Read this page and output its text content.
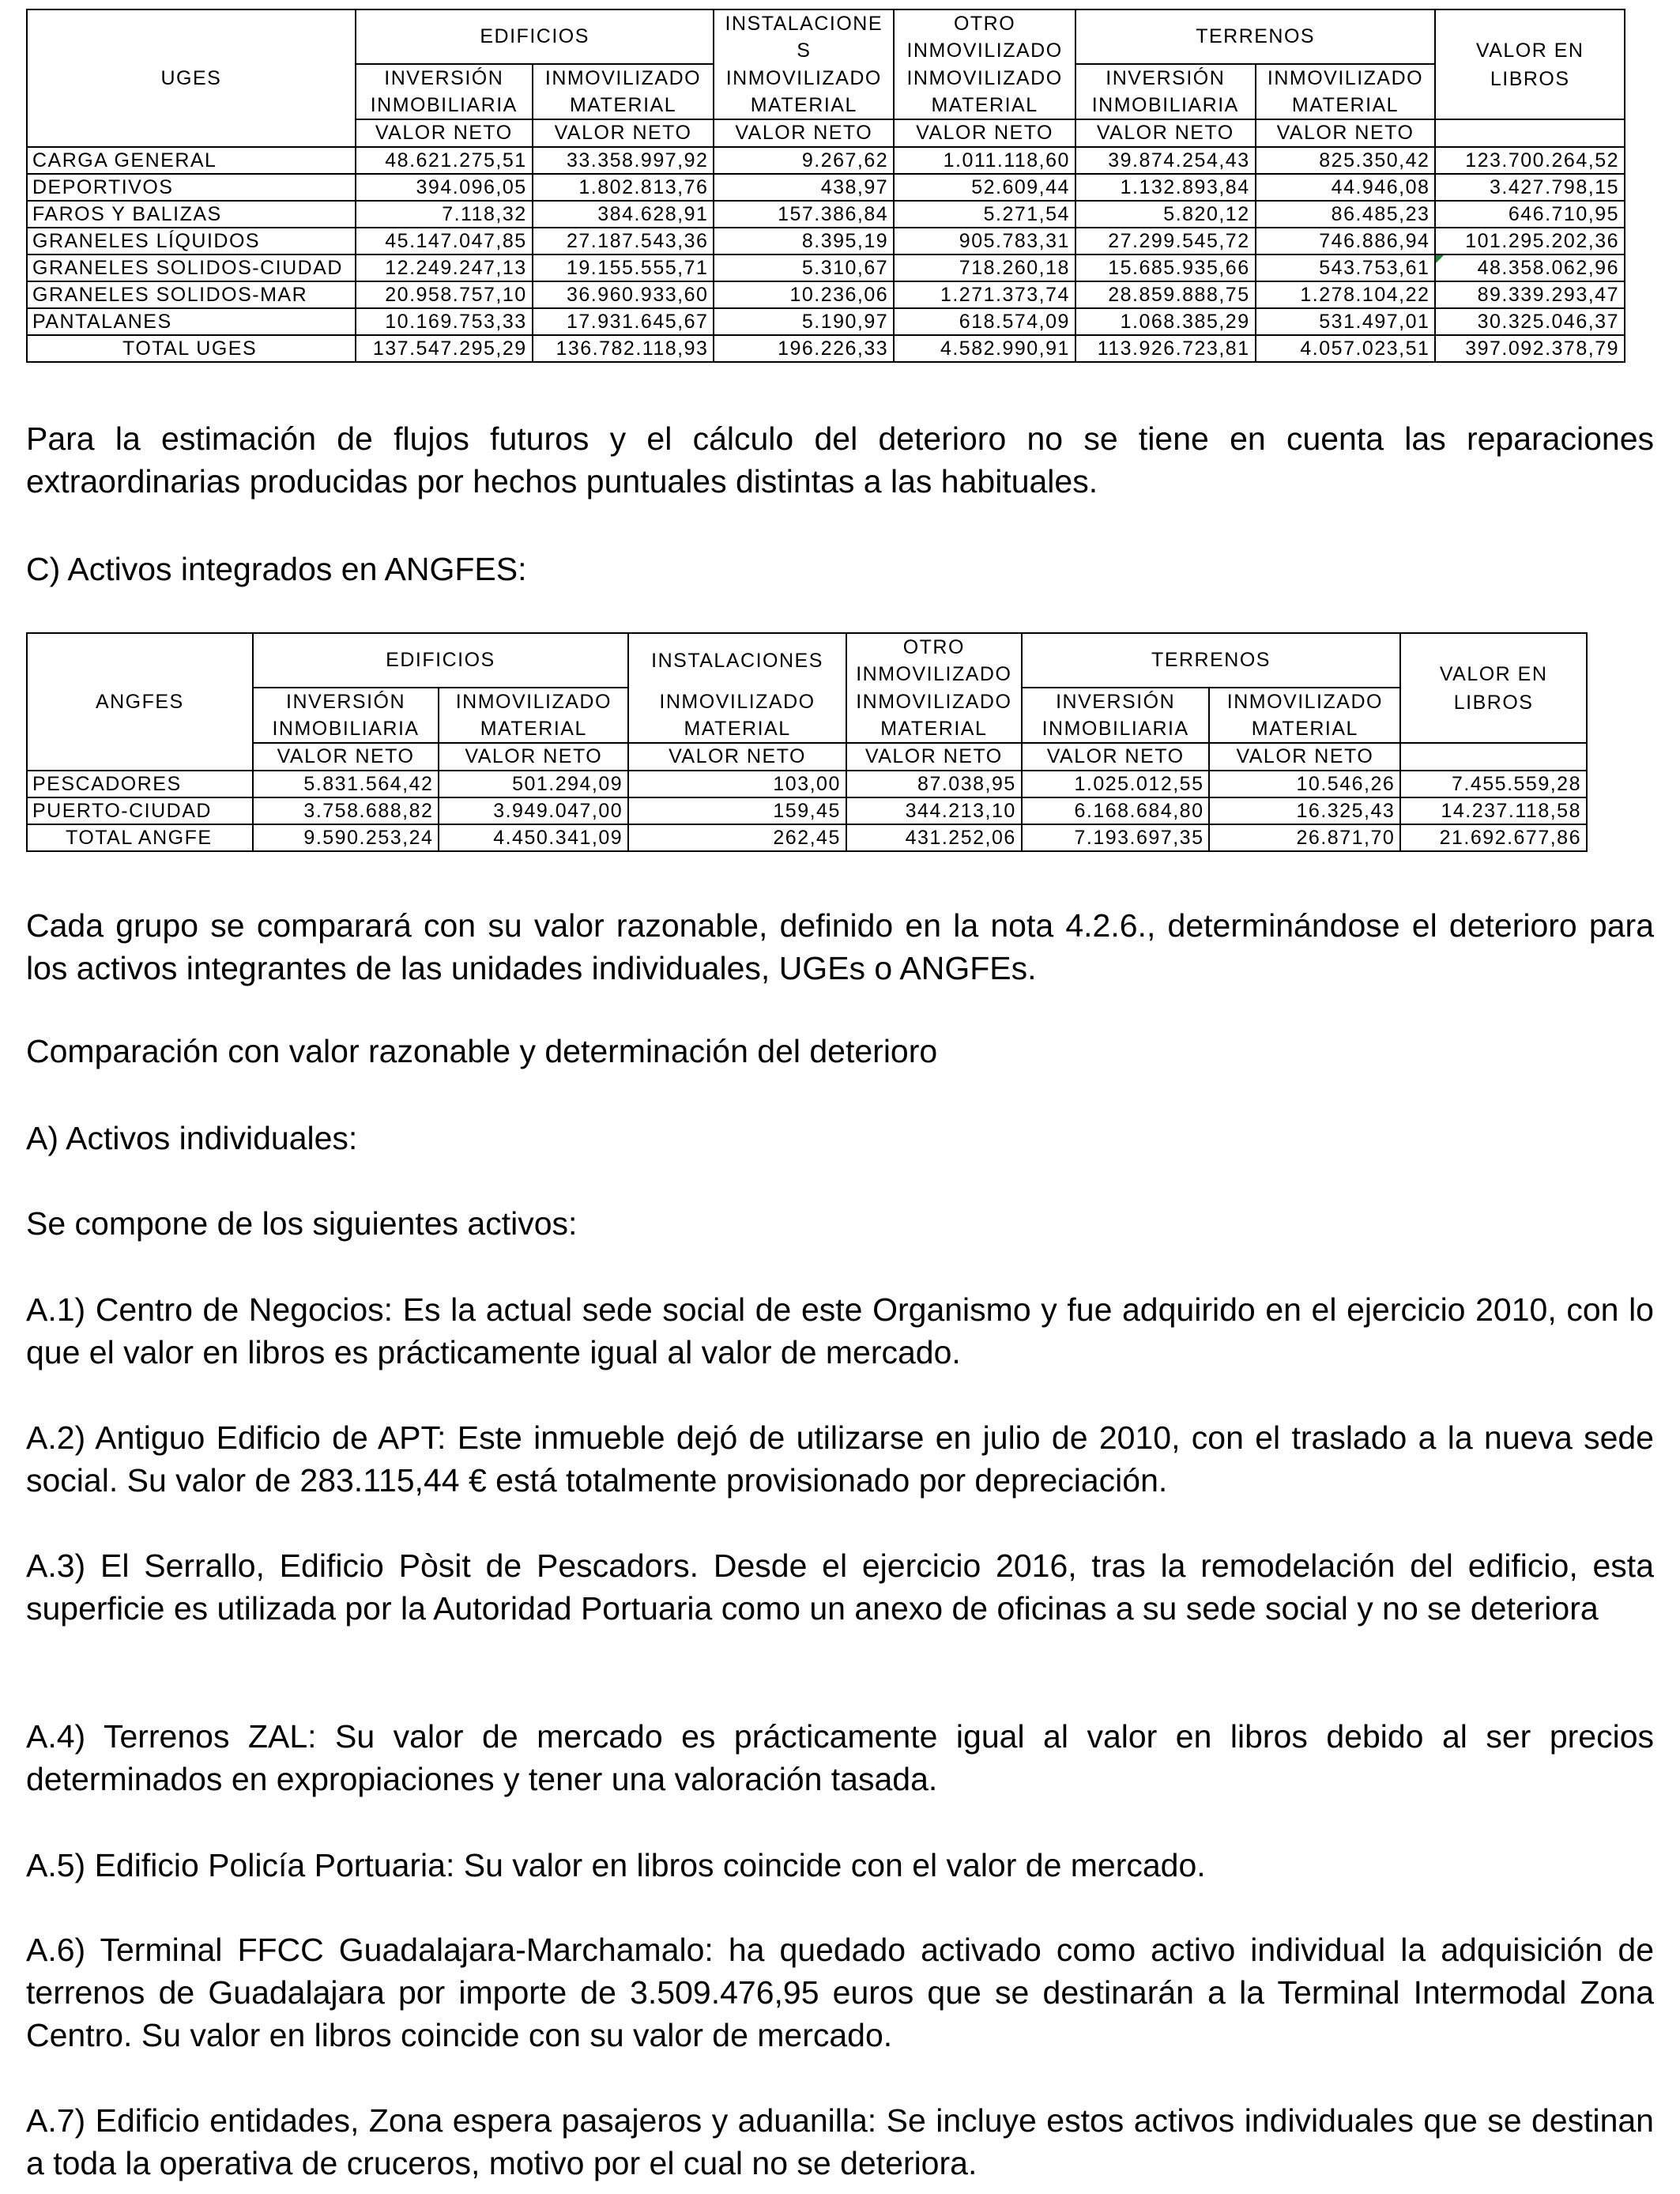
UGES	EDIFICIOS		INSTALACIONE S	OTRO INMOVILIZADO	TERRENOS		VALOR EN LIBROS
	INVERSIÓN INMOBILIARIA	INMOVILIZADO MATERIAL	INMOVILIZADO MATERIAL	INMOVILIZADO MATERIAL	INVERSIÓN INMOBILIARIA	INMOVILIZADO MATERIAL	
	VALOR NETO	VALOR NETO	VALOR NETO	VALOR NETO	VALOR NETO	VALOR NETO	
CARGA GENERAL	48.621.275,51	33.358.997,92	9.267,62	1.011.118,60	39.874.254,43	825.350,42	123.700.264,52
DEPORTIVOS	394.096,05	1.802.813,76	438,97	52.609,44	1.132.893,84	44.946,08	3.427.798,15
FAROS Y BALIZAS	7.118,32	384.628,91	157.386,84	5.271,54	5.820,12	86.485,23	646.710,95
GRANELES LÍQUIDOS	45.147.047,85	27.187.543,36	8.395,19	905.783,31	27.299.545,72	746.886,94	101.295.202,36
GRANELES SOLIDOS-CIUDAD	12.249.247,13	19.155.555,71	5.310,67	718.260,18	15.685.935,66	543.753,61	48.358.062,96
GRANELES SOLIDOS-MAR	20.958.757,10	36.960.933,60	10.236,06	1.271.373,74	28.859.888,75	1.278.104,22	89.339.293,47
PANTALANES	10.169.753,33	17.931.645,67	5.190,97	618.574,09	1.068.385,29	531.497,01	30.325.046,37
TOTAL UGES	137.547.295,29	136.782.118,93	196.226,33	4.582.990,91	113.926.723,81	4.057.023,51	397.092.378,79

Para la estimación de flujos futuros y el cálculo del deterioro no se tiene en cuenta las reparaciones extraordinarias producidas por hechos puntuales distintas a las habituales.

C) Activos integrados en ANGFES:

ANGFES	EDIFICIOS		INSTALACIONES	OTRO INMOVILIZADO	TERRENOS		VALOR EN LIBROS
	INVERSIÓN INMOBILIARIA	INMOVILIZADO MATERIAL	INMOVILIZADO MATERIAL	INMOVILIZADO MATERIAL	INVERSIÓN INMOBILIARIA	INMOVILIZADO MATERIAL	
	VALOR NETO	VALOR NETO	VALOR NETO	VALOR NETO	VALOR NETO	VALOR NETO	
PESCADORES	5.831.564,42	501.294,09	103,00	87.038,95	1.025.012,55	10.546,26	7.455.559,28
PUERTO-CIUDAD	3.758.688,82	3.949.047,00	159,45	344.213,10	6.168.684,80	16.325,43	14.237.118,58
TOTAL ANGFE	9.590.253,24	4.450.341,09	262,45	431.252,06	7.193.697,35	26.871,70	21.692.677,86

Cada grupo se comparará con su valor razonable, definido en la nota 4.2.6., determinándose el deterioro para los activos integrantes de las unidades individuales, UGEs o ANGFEs.

Comparación con valor razonable y determinación del deterioro

A) Activos individuales:

Se compone de los siguientes activos:

A.1) Centro de Negocios: Es la actual sede social de este Organismo y fue adquirido en el ejercicio 2010, con lo que el valor en libros es prácticamente igual al valor de mercado.

A.2) Antiguo Edificio de APT: Este inmueble dejó de utilizarse en julio de 2010, con el traslado a la nueva sede social. Su valor de 283.115,44 € está totalmente provisionado por depreciación.

A.3) El Serrallo, Edificio Pòsit de Pescadors. Desde el ejercicio 2016, tras la remodelación del edificio, esta superficie es utilizada por la Autoridad Portuaria como un anexo de oficinas a su sede social y no se deteriora

A.4) Terrenos ZAL: Su valor de mercado es prácticamente igual al valor en libros debido al ser precios determinados en expropiaciones y tener una valoración tasada.

A.5) Edificio Policía Portuaria: Su valor en libros coincide con el valor de mercado.

A.6) Terminal FFCC Guadalajara-Marchamalo: ha quedado activado como activo individual la adquisición de terrenos de Guadalajara por importe de 3.509.476,95 euros que se destinarán a la Terminal Intermodal Zona Centro. Su valor en libros coincide con su valor de mercado.

A.7) Edificio entidades, Zona espera pasajeros y aduanilla: Se incluye estos activos individuales que se destinan a toda la operativa de cruceros, motivo por el cual no se deteriora.
